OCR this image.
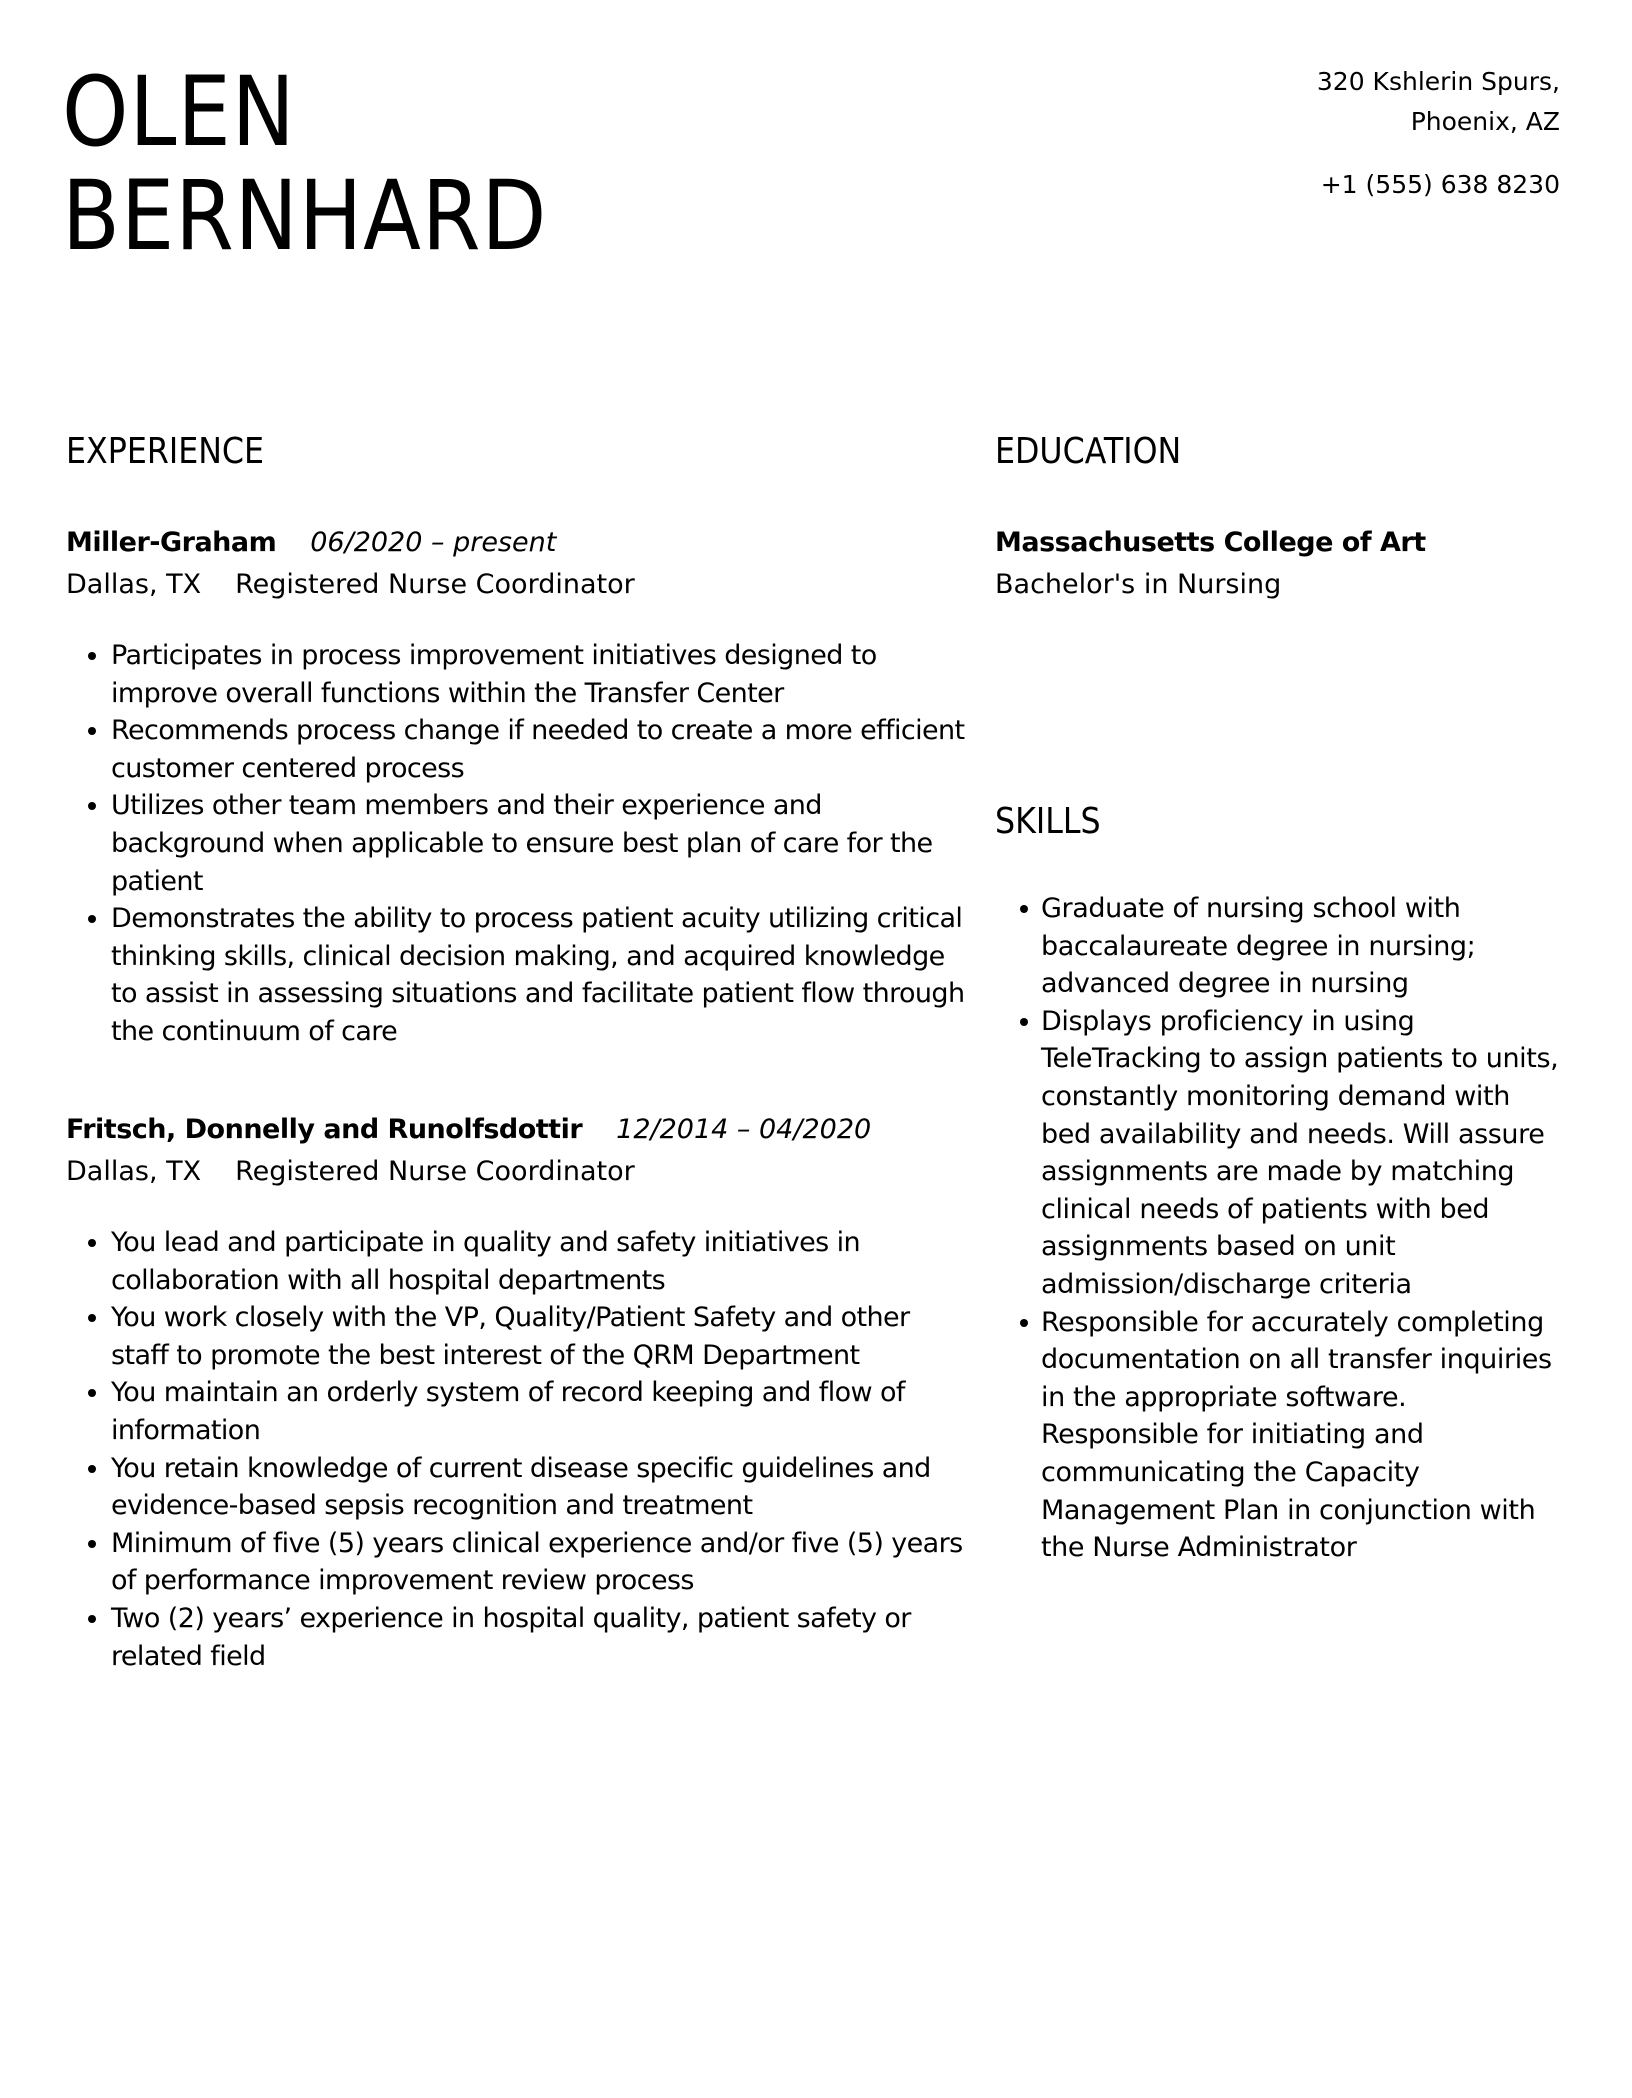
OLEN
BERNHARD
320 Kshlerin Spurs,
Phoenix, AZ
+1 (555) 638 8230
EXPERIENCE
Miller-Graham 06/2020 – present
Dallas, TX Registered Nurse Coordinator
Participates in process improvement initiatives designed to improve overall functions within the Transfer Center
Recommends process change if needed to create a more efficient customer centered process
Utilizes other team members and their experience and background when applicable to ensure best plan of care for the patient
Demonstrates the ability to process patient acuity utilizing critical thinking skills, clinical decision making, and acquired knowledge to assist in assessing situations and facilitate patient flow through the continuum of care
Fritsch, Donnelly and Runolfsdottir 12/2014 – 04/2020
Dallas, TX Registered Nurse Coordinator
You lead and participate in quality and safety initiatives in collaboration with all hospital departments
You work closely with the VP, Quality/Patient Safety and other staff to promote the best interest of the QRM Department
You maintain an orderly system of record keeping and flow of information
You retain knowledge of current disease specific guidelines and evidence-based sepsis recognition and treatment
Minimum of five (5) years clinical experience and/or five (5) years of performance improvement review process
Two (2) years’ experience in hospital quality, patient safety or related field
EDUCATION
Massachusetts College of Art
Bachelor's in Nursing
SKILLS
Graduate of nursing school with baccalaureate degree in nursing; advanced degree in nursing
Displays proficiency in using TeleTracking to assign patients to units, constantly monitoring demand with bed availability and needs. Will assure assignments are made by matching clinical needs of patients with bed assignments based on unit admission/discharge criteria
Responsible for accurately completing documentation on all transfer inquiries in the appropriate software. Responsible for initiating and communicating the Capacity Management Plan in conjunction with the Nurse Administrator
